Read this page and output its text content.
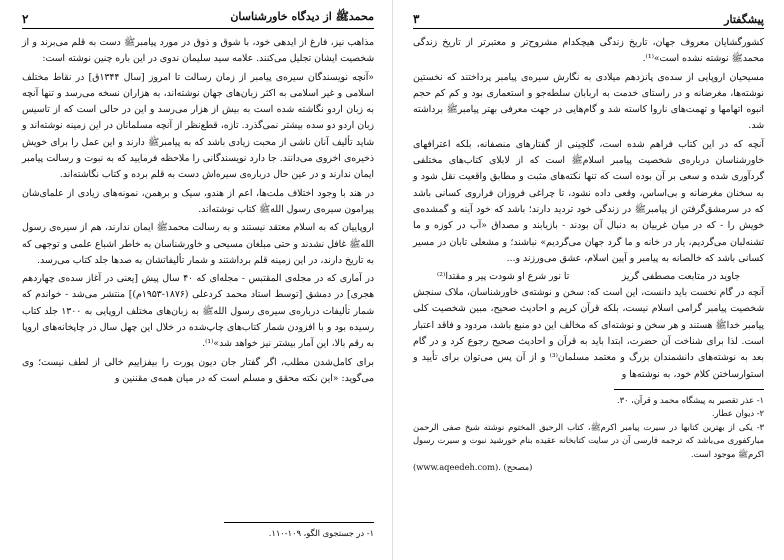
محمدﷺ از دیدگاه خاورشناسان
۲

مذاهب نیز، فارغ از ایدهی خود، با شوق و ذوق در مورد پیامبرﷺ دست به قلم می‌برند و از شخصیت ایشان تجلیل می‌کنند. علامه سید سلیمان ندوی در این باره چنین نوشته است:

«آنچه نویسندگان سیره‌ی پیامبر از زمان رسالت تا امروز [سال ۱۳۴۴ق] در نقاط مختلف اسلامی و غیر اسلامی به اکثر زبان‌های جهان نوشته‌اند، به هزاران نسخه می‌رسد و تنها آنچه به زبان اردو نگاشته شده است به بیش از هزار می‌رسد و این در حالی است که از تاسیس زبان اردو دو سده بیشتر نمی‌گذرد. تازه، قطع‌نظر از آنچه مسلمانان در این زمینه نوشته‌اند و شاید تألیف آنان ناشی از محبت زیادی باشد که به پیامبرﷺ دارند و این عمل را برای خویش ذخیره‌ی اخروی می‌دانند. جا دارد نویسندگانی را ملاحظه فرمایید که به نبوت و رسالت پیامبر ایمان ندارند و در عین حال درباره‌ی سیره‌اش دست به قلم برده و کتاب نگاشته‌اند.

در هند با وجود اختلاف ملت‌ها، اعم از هندو، سیک و برهمن، نمونه‌های زیادی از علمای‌شان پیرامون سیره‌ی رسول اللهﷺ کتاب نوشته‌اند.

اروپاییان که به اسلام معتقد نیستند و به رسالت محمدﷺ ایمان ندارند، هم از سیره‌ی رسول اللهﷺ غافل نشدند و حتی مبلغان مسیحی و خاورشناسان به خاطر اشباع علمی و توجهی که به تاریخ دارند، در این زمینه قلم برداشتند و شمار تألیفاتشان به صدها جلد کتاب می‌رسد.

در آماری که در مجله‌ی المقتبس - مجله‌ای که ۴۰ سال پیش [یعنی در آغاز سده‌ی چهاردهم هجری] در دمشق [توسط استاد محمد کردعلی (۱۸۷۶-۱۹۵۳م)] منتشر می‌شد - خواندم که شمار تألیفات درباره‌ی سیره‌ی رسول اللهﷺ به زبان‌های مختلف اروپایی به ۱۳۰۰ جلد کتاب رسیده بود و با افزودن شمار کتاب‌های چاپ‌شده در خلال این چهل سال در چاپخانه‌های اروپا به رقم بالا، این آمار بیشتر نیز خواهد شد»⁽¹⁾.

برای کامل‌شدن مطلب، اگر گفتار جان دیون پورت را بیفزاییم خالی از لطف نیست؛ وی می‌گوید: «این نکته محقق و مسلم است که در میان همه‌ی مقننین و

۱- در جستجوی الگو، ۱۰۹-۱۱۰.

پیشگفتار
۳

کشورگشایان معروف جهان، تاریخ زندگی هیچکدام مشروح‌تر و معتبرتر از تاریخ زندگی محمدﷺ نوشته نشده است»⁽¹⁾.

مسیحیان اروپایی از سده‌ی پانزدهم میلادی به نگارش سیره‌ی پیامبر پرداختند که نخستین نوشته‌ها، مغرضانه و در راستای خدمت به اربابان سلطه‌جو و استعماری بود و کم کم حجم انبوه اتهامها و تهمت‌های ناروا کاسته شد و گام‌هایی در جهت معرفی بهتر پیامبرﷺ برداشته شد.

آنچه که در این کتاب فراهم شده است، گلچینی از گفتارهای منصفانه، بلکه اعترافهای خاورشناسان درباره‌ی شخصیت پیامبر اسلامﷺ است که از لابلای کتاب‌های مختلفی گردآوری شده و سعی بر آن بوده است که تنها نکته‌های مثبت و مطابق واقعیت نقل شود و به سخنان مغرضانه و بی‌اساس، وقعی داده نشود، تا چراغی فروزان فراروی کسانی باشد که در سرمشق‌گرفتن از پیامبرﷺ در زندگی خود تردید دارند؛ باشد که خود آینه و گمشده‌ی خویش را - که در میان غربیان به دنبال آن بودند - بازیابند و مصداق «آب در کوزه و ما تشنه‌لبان می‌گردیم، یار در خانه و ما گرد جهان می‌گردیم» نباشند؛ و مشعلی تابان در مسیر کسانی باشد که خالصانه به پیامبر و آیین اسلام، عشق می‌ورزند و...

جاوید در متابعت مصطفی گریز
تا نور شرع او شودت پیر و مقتدا⁽²⁾

آنچه در گام نخست باید دانست، این است که: سخن و نوشته‌ی خاورشناسان، ملاک سنجش شخصیت پیامبر گرامی اسلام نیست، بلکه قرآن کریم و احادیث صحیح، مبین شخصیت کلی پیامبر خداﷺ هستند و هر سخن و نوشته‌ای که مخالف این دو منبع باشد، مردود و فاقد اعتبار است. لذا برای شناخت آن حضرت، ابتدا باید به قرآن و احادیث صحیح رجوع کرد و در گام بعد به نوشته‌های دانشمندان بزرگ و معتمد مسلمان⁽³⁾ و از آن پس می‌توان برای تأیید و استوارساختن کلام خود، به نوشته‌ها و

۱- عذر تقصیر به پیشگاه محمد و قرآن، ۳۰.

۲- دیوان عطار.

۳- یکی از بهترین کتابها در سیرت پیامبر اکرمﷺ، کتاب الرحیق المختوم نوشته شیخ صفی الرحمن مبارکفوری می‌باشد که ترجمه فارسی آن در سایت کتابخانه عقیده بنام خورشید نبوت و سیرت رسول اکرمﷺ موجود است.

(www.aqeedeh.com). (مصحح)
